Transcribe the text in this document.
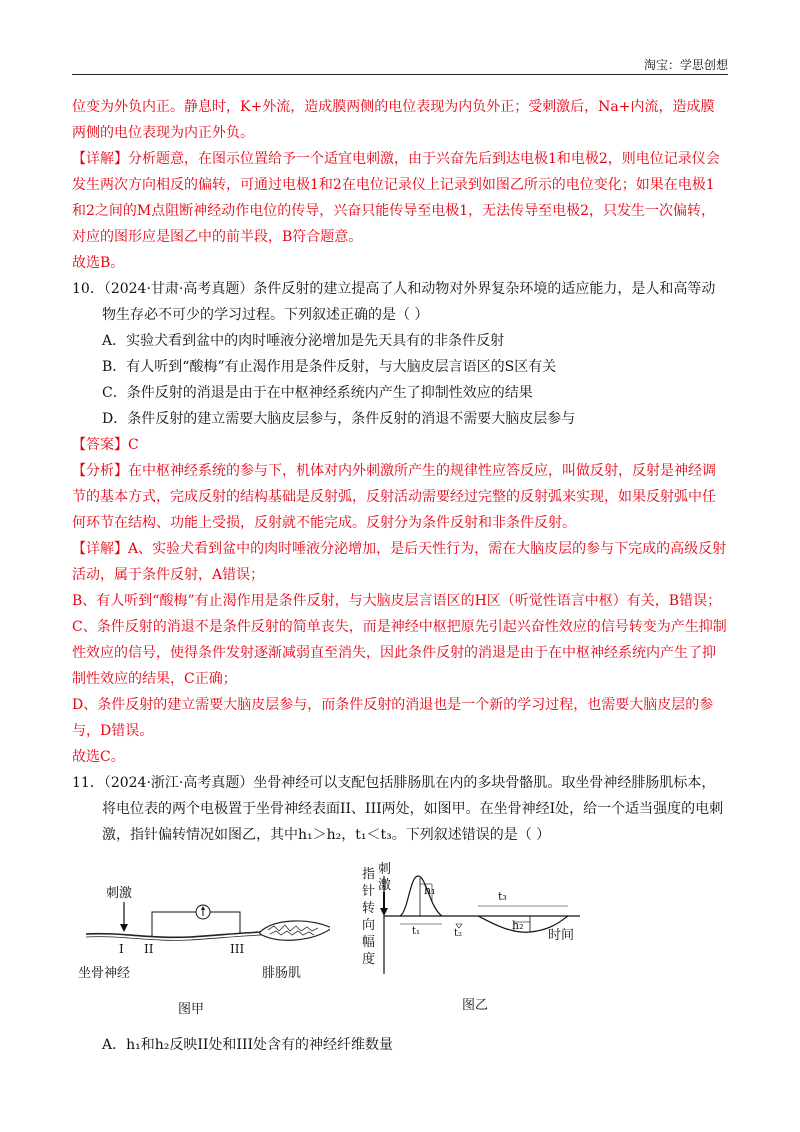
淘宝：学思创想

位变为外负内正。静息时，K+外流，造成膜两侧的电位表现为内负外正；受刺激后，Na+内流，造成膜两侧的电位表现为内正外负。

【详解】分析题意，在图示位置给予一个适宜电刺激，由于兴奋先后到达电极1和电极2，则电位记录仪会发生两次方向相反的偏转，可通过电极1和2在电位记录仪上记录到如图乙所示的电位变化；如果在电极1和2之间的M点阻断神经动作电位的传导，兴奋只能传导至电极1，无法传导至电极2，只发生一次偏转，对应的图形应是图乙中的前半段，B符合题意。

故选B。

10．（2024·甘肃·高考真题）条件反射的建立提高了人和动物对外界复杂环境的适应能力，是人和高等动物生存必不可少的学习过程。下列叙述正确的是（ ）

A．实验犬看到盆中的肉时唾液分泌增加是先天具有的非条件反射

B．有人听到“酸梅”有止渴作用是条件反射，与大脑皮层言语区的S区有关

C．条件反射的消退是由于在中枢神经系统内产生了抑制性效应的结果

D．条件反射的建立需要大脑皮层参与，条件反射的消退不需要大脑皮层参与

【答案】C

【分析】在中枢神经系统的参与下，机体对内外刺激所产生的规律性应答反应，叫做反射，反射是神经调节的基本方式，完成反射的结构基础是反射弧，反射活动需要经过完整的反射弧来实现，如果反射弧中任何环节在结构、功能上受损，反射就不能完成。反射分为条件反射和非条件反射。

【详解】A、实验犬看到盆中的肉时唾液分泌增加，是后天性行为，需在大脑皮层的参与下完成的高级反射活动，属于条件反射，A错误；

B、有人听到“酸梅”有止渴作用是条件反射，与大脑皮层言语区的H区（听觉性语言中枢）有关，B错误；

C、条件反射的消退不是条件反射的简单丧失，而是神经中枢把原先引起兴奋性效应的信号转变为产生抑制性效应的信号，使得条件发射逐渐减弱直至消失，因此条件反射的消退是由于在中枢神经系统内产生了抑制性效应的结果，C正确；

D、条件反射的建立需要大脑皮层参与，而条件反射的消退也是一个新的学习过程，也需要大脑皮层的参与，D错误。

故选C。

11．（2024·浙江·高考真题）坐骨神经可以支配包括腓肠肌在内的多块骨骼肌。取坐骨神经腓肠肌标本，将电位表的两个电极置于坐骨神经表面II、III两处，如图甲。在坐骨神经I处，给一个适当强度的电刺激，指针偏转情况如图乙，其中h₁＞h₂，t₁＜t₃。下列叙述错误的是（ ）

刺激
I II	III
坐骨神经	腓肠肌
图甲
指
针
转
向
幅
度
刺
激	h₁
t₁	t₂
t₃
h₂
时间
图乙

A．h₁和h₂反映II处和III处含有的神经纤维数量
